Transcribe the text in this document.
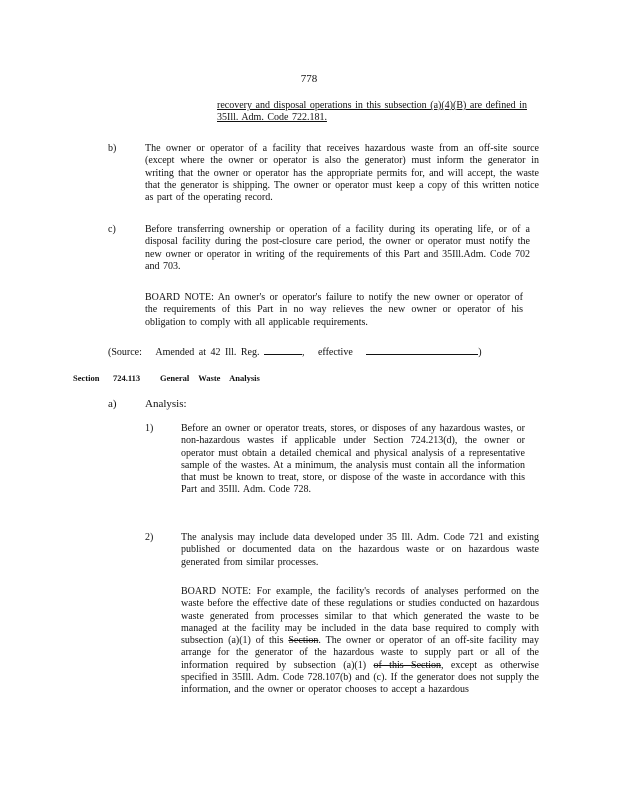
778
recovery and disposal operations in this subsection (a)(4)(B) are defined in 35Ill. Adm. Code 722.181.
b)	The owner or operator of a facility that receives hazardous waste from an off-site source (except where the owner or operator is also the generator) must inform the generator in writing that the owner or operator has the appropriate permits for, and will accept, the waste that the generator is shipping. The owner or operator must keep a copy of this written notice as part of the operating record.
c)	Before transferring ownership or operation of a facility during its operating life, or of a disposal facility during the post-closure care period, the owner or operator must notify the new owner or operator in writing of the requirements of this Part and 35Ill.Adm. Code 702 and 703.
BOARD NOTE: An owner's or operator's failure to notify the new owner or operator of the requirements of this Part in no way relieves the new owner or operator of his obligation to comply with all applicable requirements.
(Source: Amended at 42 Ill. Reg.	, effective	)
Section 724.113 General Waste Analysis
a)	Analysis:
1)	Before an owner or operator treats, stores, or disposes of any hazardous wastes, or non-hazardous wastes if applicable under Section 724.213(d), the owner or operator must obtain a detailed chemical and physical analysis of a representative sample of the wastes. At a minimum, the analysis must contain all the information that must be known to treat, store, or dispose of the waste in accordance with this Part and 35Ill. Adm. Code 728.
2)	The analysis may include data developed under 35 Ill. Adm. Code 721 and existing published or documented data on the hazardous waste or on hazardous waste generated from similar processes.
BOARD NOTE: For example, the facility's records of analyses performed on the waste before the effective date of these regulations or studies conducted on hazardous waste generated from processes similar to that which generated the waste to be managed at the facility may be included in the data base required to comply with subsection (a)(1) of this Section. The owner or operator of an off-site facility may arrange for the generator of the hazardous waste to supply part or all of the information required by subsection (a)(1) of this Section, except as otherwise specified in 35Ill. Adm. Code 728.107(b) and (c). If the generator does not supply the information, and the owner or operator chooses to accept a hazardous
